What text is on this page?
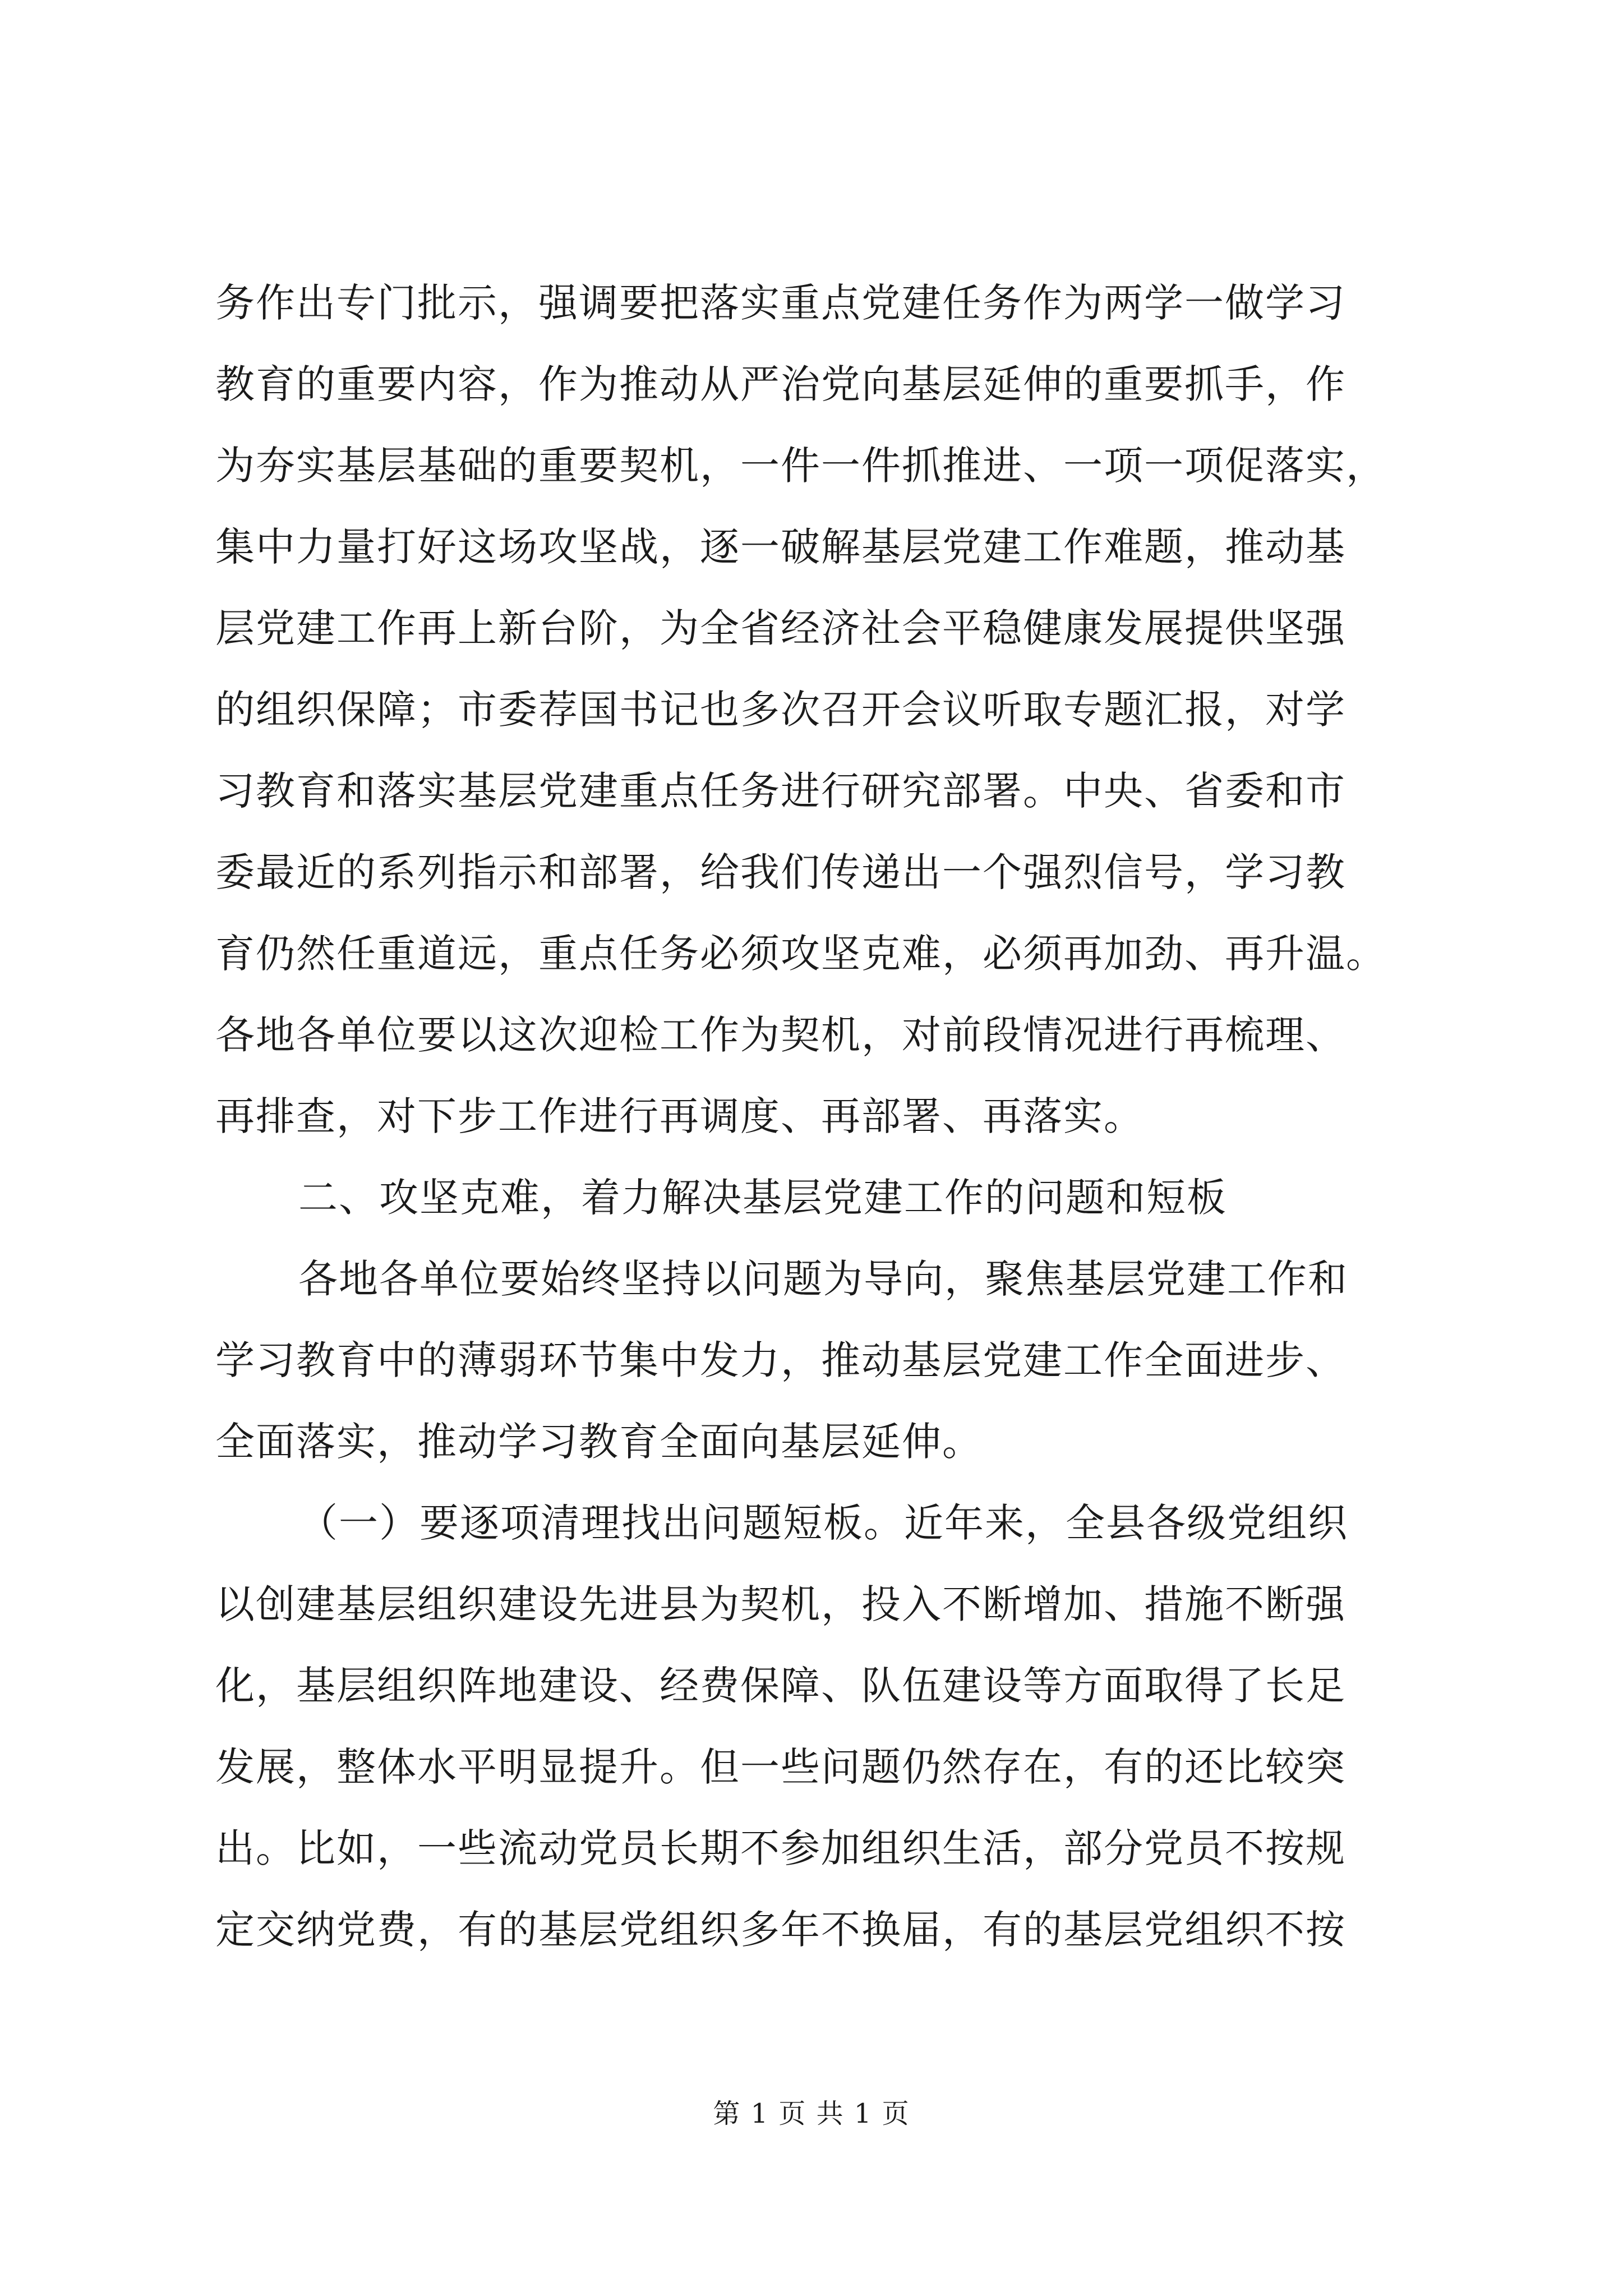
务作出专门批示，强调要把落实重点党建任务作为两学一做学习
教育的重要内容，作为推动从严治党向基层延伸的重要抓手，作
为夯实基层基础的重要契机，一件一件抓推进、一项一项促落实，
集中力量打好这场攻坚战，逐一破解基层党建工作难题，推动基
层党建工作再上新台阶，为全省经济社会平稳健康发展提供坚强
的组织保障；市委荐国书记也多次召开会议听取专题汇报，对学
习教育和落实基层党建重点任务进行研究部署。中央、省委和市
委最近的系列指示和部署，给我们传递出一个强烈信号，学习教
育仍然任重道远，重点任务必须攻坚克难，必须再加劲、再升温。
各地各单位要以这次迎检工作为契机，对前段情况进行再梳理、
再排查，对下步工作进行再调度、再部署、再落实。
二、攻坚克难，着力解决基层党建工作的问题和短板
各地各单位要始终坚持以问题为导向，聚焦基层党建工作和
学习教育中的薄弱环节集中发力，推动基层党建工作全面进步、
全面落实，推动学习教育全面向基层延伸。
（一）要逐项清理找出问题短板。近年来，全县各级党组织
以创建基层组织建设先进县为契机，投入不断增加、措施不断强
化，基层组织阵地建设、经费保障、队伍建设等方面取得了长足
发展，整体水平明显提升。但一些问题仍然存在，有的还比较突
出。比如，一些流动党员长期不参加组织生活，部分党员不按规
定交纳党费，有的基层党组织多年不换届，有的基层党组织不按
第 1 页 共 1 页
